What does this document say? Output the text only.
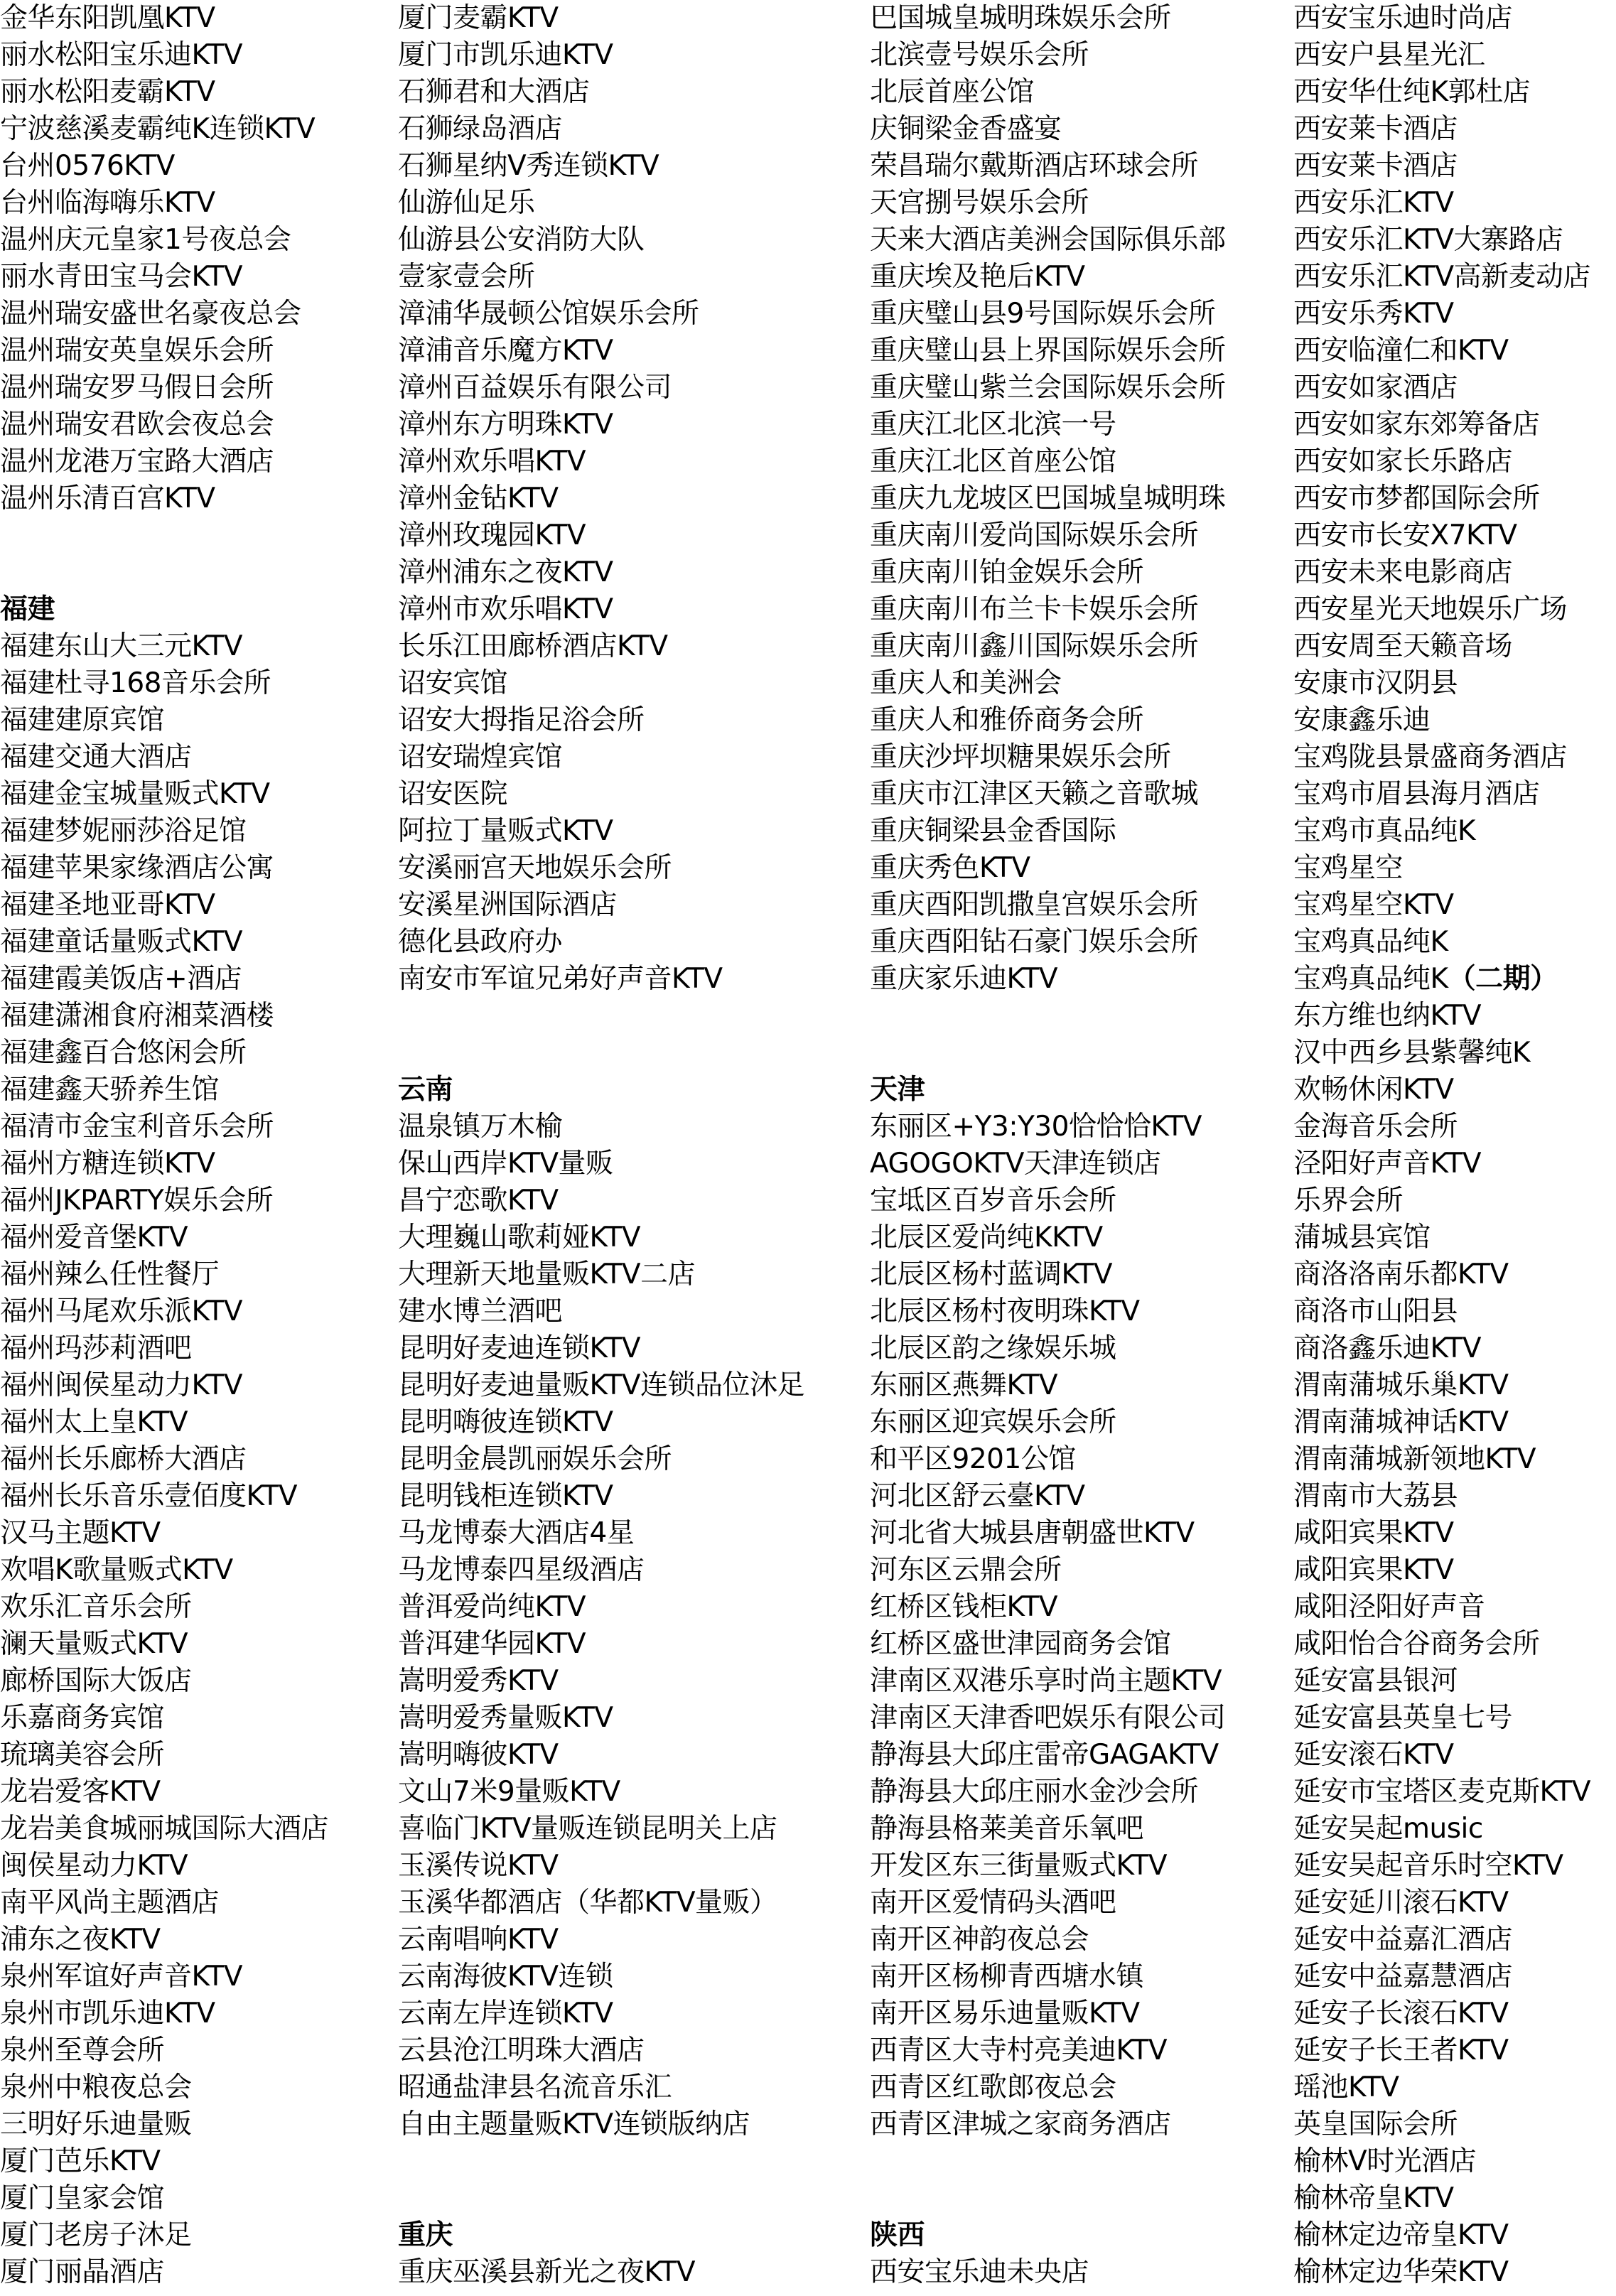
金华东阳凯凰KTV
丽水松阳宝乐迪KTV
丽水松阳麦霸KTV
宁波慈溪麦霸纯K连锁KTV
台州0576KTV
台州临海嗨乐KTV
温州庆元皇家1号夜总会
丽水青田宝马会KTV
温州瑞安盛世名豪夜总会
温州瑞安英皇娱乐会所
温州瑞安罗马假日会所
温州瑞安君欧会夜总会
温州龙港万宝路大酒店
温州乐清百宫KTV
福建
福建东山大三元KTV
福建杜寻168音乐会所
福建建原宾馆
福建交通大酒店
福建金宝城量贩式KTV
福建梦妮丽莎浴足馆
福建苹果家缘酒店公寓
福建圣地亚哥KTV
福建童话量贩式KTV
福建霞美饭店+酒店
福建潇湘食府湘菜酒楼
福建鑫百合悠闲会所
福建鑫天骄养生馆
福清市金宝利音乐会所
福州方糖连锁KTV
福州JKPARTY娱乐会所
福州爱音堡KTV
福州辣么任性餐厅
福州马尾欢乐派KTV
福州玛莎莉酒吧
福州闽侯星动力KTV
福州太上皇KTV
福州长乐廊桥大酒店
福州长乐音乐壹佰度KTV
汉马主题KTV
欢唱K歌量贩式KTV
欢乐汇音乐会所
澜天量贩式KTV
廊桥国际大饭店
乐嘉商务宾馆
琉璃美容会所
龙岩爱客KTV
龙岩美食城丽城国际大酒店
闽侯星动力KTV
南平风尚主题酒店
浦东之夜KTV
泉州军谊好声音KTV
泉州市凯乐迪KTV
泉州至尊会所
泉州中粮夜总会
三明好乐迪量贩
厦门芭乐KTV
厦门皇家会馆
厦门老房子沐足
厦门丽晶酒店
厦门麦霸KTV
厦门市凯乐迪KTV
石狮君和大酒店
石狮绿岛酒店
石狮星纳V秀连锁KTV
仙游仙足乐
仙游县公安消防大队
壹家壹会所
漳浦华晟顿公馆娱乐会所
漳浦音乐魔方KTV
漳州百益娱乐有限公司
漳州东方明珠KTV
漳州欢乐唱KTV
漳州金钻KTV
漳州玫瑰园KTV
漳州浦东之夜KTV
漳州市欢乐唱KTV
长乐江田廊桥酒店KTV
诏安宾馆
诏安大拇指足浴会所
诏安瑞煌宾馆
诏安医院
阿拉丁量贩式KTV
安溪丽宫天地娱乐会所
安溪星洲国际酒店
德化县政府办
南安市军谊兄弟好声音KTV
云南
温泉镇万木榆
保山西岸KTV量贩
昌宁恋歌KTV
大理巍山歌莉娅KTV
大理新天地量贩KTV二店
建水博兰酒吧
昆明好麦迪连锁KTV
昆明好麦迪量贩KTV连锁品位沐足
昆明嗨彼连锁KTV
昆明金晨凯丽娱乐会所
昆明钱柜连锁KTV
马龙博泰大酒店4星
马龙博泰四星级酒店
普洱爱尚纯KTV
普洱建华园KTV
嵩明爱秀KTV
嵩明爱秀量贩KTV
嵩明嗨彼KTV
文山7米9量贩KTV
喜临门KTV量贩连锁昆明关上店
玉溪传说KTV
玉溪华都酒店（华都KTV量贩）
云南唱响KTV
云南海彼KTV连锁
云南左岸连锁KTV
云县沧江明珠大酒店
昭通盐津县名流音乐汇
自由主题量贩KTV连锁版纳店
重庆
重庆巫溪县新光之夜KTV
巴国城皇城明珠娱乐会所
北滨壹号娱乐会所
北辰首座公馆
庆铜梁金香盛宴
荣昌瑞尔戴斯酒店环球会所
天宫捌号娱乐会所
天来大酒店美洲会国际俱乐部
重庆埃及艳后KTV
重庆璧山县9号国际娱乐会所
重庆璧山县上界国际娱乐会所
重庆璧山紫兰会国际娱乐会所
重庆江北区北滨一号
重庆江北区首座公馆
重庆九龙坡区巴国城皇城明珠
重庆南川爱尚国际娱乐会所
重庆南川铂金娱乐会所
重庆南川布兰卡卡娱乐会所
重庆南川鑫川国际娱乐会所
重庆人和美洲会
重庆人和雅侨商务会所
重庆沙坪坝糖果娱乐会所
重庆市江津区天籁之音歌城
重庆铜梁县金香国际
重庆秀色KTV
重庆酉阳凯撒皇宫娱乐会所
重庆酉阳钻石豪门娱乐会所
重庆家乐迪KTV
天津
东丽区+Y3:Y30恰恰恰KTV
AGOGOKTV天津连锁店
宝坻区百岁音乐会所
北辰区爱尚纯KKTV
北辰区杨村蓝调KTV
北辰区杨村夜明珠KTV
北辰区韵之缘娱乐城
东丽区燕舞KTV
东丽区迎宾娱乐会所
和平区9201公馆
河北区舒云臺KTV
河北省大城县唐朝盛世KTV
河东区云鼎会所
红桥区钱柜KTV
红桥区盛世津园商务会馆
津南区双港乐享时尚主题KTV
津南区天津香吧娱乐有限公司
静海县大邱庄雷帝GAGAKTV
静海县大邱庄丽水金沙会所
静海县格莱美音乐氧吧
开发区东三街量贩式KTV
南开区爱情码头酒吧
南开区神韵夜总会
南开区杨柳青西塘水镇
南开区易乐迪量贩KTV
西青区大寺村亮美迪KTV
西青区红歌郎夜总会
西青区津城之家商务酒店
陕西
西安宝乐迪未央店
西安宝乐迪时尚店
西安户县星光汇
西安华仕纯K郭杜店
西安莱卡酒店
西安莱卡酒店
西安乐汇KTV
西安乐汇KTV大寨路店
西安乐汇KTV高新麦动店
西安乐秀KTV
西安临潼仁和KTV
西安如家酒店
西安如家东郊筹备店
西安如家长乐路店
西安市梦都国际会所
西安市长安X7KTV
西安未来电影商店
西安星光天地娱乐广场
西安周至天籁音场
安康市汉阴县
安康鑫乐迪
宝鸡陇县景盛商务酒店
宝鸡市眉县海月酒店
宝鸡市真品纯K
宝鸡星空
宝鸡星空KTV
宝鸡真品纯K
宝鸡真品纯K（二期）
东方维也纳KTV
汉中西乡县紫馨纯K
欢畅休闲KTV
金海音乐会所
泾阳好声音KTV
乐界会所
蒲城县宾馆
商洛洛南乐都KTV
商洛市山阳县
商洛鑫乐迪KTV
渭南蒲城乐巢KTV
渭南蒲城神话KTV
渭南蒲城新领地KTV
渭南市大荔县
咸阳宾果KTV
咸阳宾果KTV
咸阳泾阳好声音
咸阳怡合谷商务会所
延安富县银河
延安富县英皇七号
延安滚石KTV
延安市宝塔区麦克斯KTV
延安吴起music
延安吴起音乐时空KTV
延安延川滚石KTV
延安中益嘉汇酒店
延安中益嘉慧酒店
延安子长滚石KTV
延安子长王者KTV
瑶池KTV
英皇国际会所
榆林V时光酒店
榆林帝皇KTV
榆林定边帝皇KTV
榆林定边华荣KTV
